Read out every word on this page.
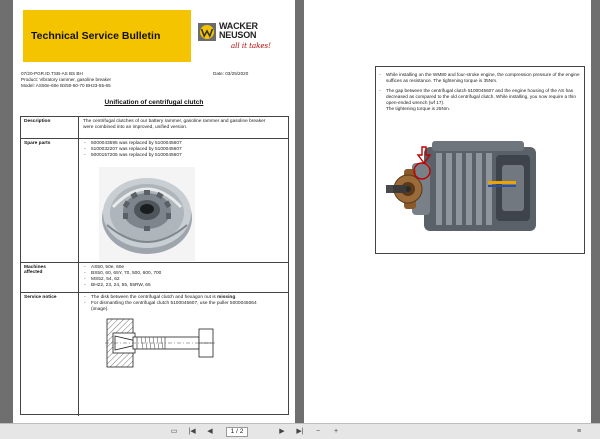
Technical Service Bulletin
WACKER
NEUSON
all it takes!
07/20-PGR.ID.TSB-AS BS BH	Date: 03/25/2020
Product: Vibratory rammer, gasoline breaker
Model: AS50e-60e BS50-60-70 BH23-55-65
Unification of centrifugal clutch
Description	The centrifugal clutches of our battery rammer, gasoline rammer and gasoline breaker
were combined into an improved, unified version.
Spare parts	- 5000043595 was replaced by 5100045607
- 5100032207 was replaced by 5100045607
- 5000157205 was replaced by 5100045607
Machines
affected
- AS50, 50e, 60e
- BS50, 60, 65Y, 70, 500, 600, 700
- MS52, 54, 62
- BH22, 23, 24, 55, 55RW, 65
Service notice	- The disk between the centrifugal clutch and hexagon nut is missing.
- For dismantling the centrifugal clutch 5100045607, use the puller 5000045064
(image).
- While installing on the WM80 and four-stroke engine, the compression pressure of the engine suffices as resistance. The tightening torque is 35Nm.
- The gap between the centrifugal clutch 5100045607 and the engine housing of the AS has decreased as compared to the old centrifugal clutch. While installing, you now require a thin open-ended wrench (wf 17).
The tightening torque is 25Nm.
▭	|◀	◀	1 / 2	▶	▶|	−	+	≡
